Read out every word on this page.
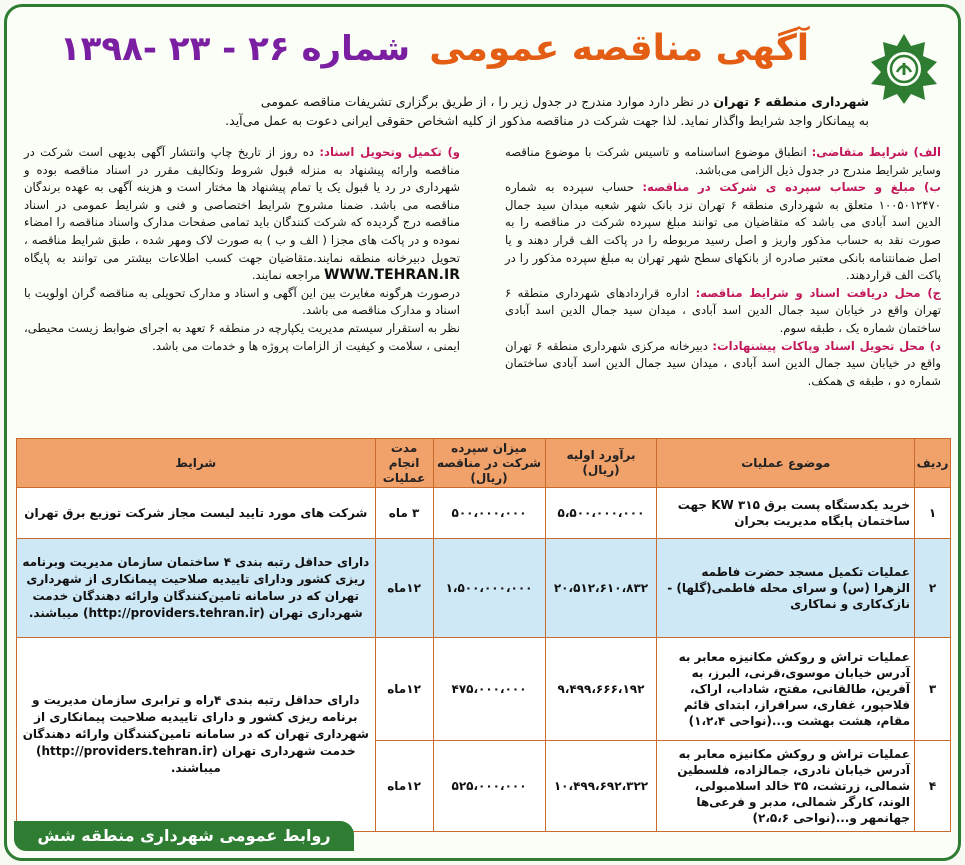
آگهی مناقصه عمومی شماره ۲۶ - ۲۳ -۱۳۹۸
شهرداری منطقه ۶ تهران در نظر دارد موارد مندرج در جدول زیر را ، از طریق برگزاری تشریفات مناقصه عمومی
به پیمانکار واجد شرایط واگذار نماید. لذا جهت شرکت در مناقصه مذکور از کلیه اشخاص حقوقی ایرانی دعوت به عمل می‌آید.
الف) شرایط متقاضی: انطباق موضوع اساسنامه و تاسیس شرکت با موضوع مناقصه وسایر شرایط مندرج در جدول ذیل الزامی می‌باشد.
ب) مبلغ و حساب سپرده ی شرکت در مناقصه: حساب سپرده به شماره ۱۰۰۵۰۱۲۴۷۰ متعلق به شهرداری منطقه ۶ تهران نزد بانک شهر شعبه میدان سید جمال الدین اسد آبادی می باشد که متقاضیان می توانند مبلغ سپرده شرکت در مناقصه را به صورت نقد به حساب مذکور واریز و اصل رسید مربوطه را در پاکت الف قرار دهند و یا اصل ضمانتنامه بانکی معتبر صادره از بانکهای سطح شهر تهران به مبلغ سپرده مذکور را در پاکت الف قراردهند.
ج) محل دریافت اسناد و شرایط مناقصه: اداره قراردادهای شهرداری منطقه ۶ تهران واقع در خیابان سید جمال الدین اسد آبادی ، میدان سید جمال الدین اسد آبادی ساختمان شماره یک ، طبقه سوم.
د) محل تحویل اسناد وپاکات پیشنهادات: دبیرخانه مرکزی شهرداری منطقه ۶ تهران واقع در خیابان سید جمال الدین اسد آبادی ، میدان سید جمال الدین اسد آبادی ساختمان شماره دو ، طبقه ی همکف.
و) تکمیل وتحویل اسناد: ده روز از تاریخ چاپ وانتشار آگهی بدیهی است شرکت در مناقصه وارائه پیشنهاد به منزله قبول شروط وتکالیف مقرر در اسناد مناقصه بوده و شهرداری در رد یا قبول یک یا تمام پیشنهاد ها مختار است و هزینه آگهی به عهده برندگان مناقصه می باشد. ضمنا مشروح شرایط اختصاصی و فنی و شرایط عمومی در اسناد مناقصه درج گردیده که شرکت کنندگان باید تمامی صفحات مدارک واسناد مناقصه را امضاء نموده و در پاکت های مجزا ( الف و ب ) به صورت لاک ومهر شده ، طبق شرایط مناقصه ، تحویل دبیرخانه منطقه نمایند.متقاضیان جهت کسب اطلاعات بیشتر می توانند به پایگاه WWW.TEHRAN.IR مراجعه نمایند.
درصورت هرگونه مغایرت بین این آگهی و اسناد و مدارک تحویلی به مناقصه گران اولویت با اسناد و مدارک مناقصه می باشد.
نظر به استقرار سیستم مدیریت یکپارچه در منطقه ۶ تعهد به اجرای ضوابط زیست محیطی، ایمنی ، سلامت و کیفیت از الزامات پروژه ها و خدمات می باشد.
ردیف	موضوع عملیات	برآورد اولیه (ریال)	میزان سپرده شرکت در مناقصه (ریال)	مدت انجام عملیات	شرایط
۱	خرید یکدستگاه پست برق ۳۱۵ KW جهت ساختمان پایگاه مدیریت بحران	۵،۵۰۰،۰۰۰،۰۰۰	۵۰۰،۰۰۰،۰۰۰	۳ ماه	شرکت های مورد تایید لیست مجاز شرکت توزیع برق تهران
۲	عملیات تکمیل مسجد حضرت فاطمه الزهرا (س) و سرای محله فاطمی(گلها) - نازک‌کاری و نماکاری	۲۰،۵۱۲،۶۱۰،۸۳۲	۱،۵۰۰،۰۰۰،۰۰۰	۱۲ماه	دارای حداقل رتبه بندی ۴ ساختمان سازمان مدیریت وبرنامه ریزی کشور ودارای تاییدیه صلاحیت پیمانکاری از شهرداری تهران که در سامانه تامین‌کنندگان وارائه دهندگان خدمت شهرداری تهران (http://providers.tehran.ir) میباشند.
۳	عملیات تراش و روکش مکانیزه معابر به آدرس خیابان موسوی،قرنی، البرز، به آفرین، طالقانی، مفتح، شاداب، اراک، فلاحپور، غفاری، سرافراز، ابتدای قائم مقام، هشت بهشت و...(نواحی ۱،۲،۴)	۹،۴۹۹،۶۶۶،۱۹۲	۴۷۵،۰۰۰،۰۰۰	۱۲ماه	دارای حداقل رتبه بندی ۴راه و ترابری سازمان مدیریت و برنامه ریزی کشور و دارای تاییدیه صلاحیت پیمانکاری از شهرداری تهران که در سامانه تامین‌کنندگان وارائه دهندگان خدمت شهرداری تهران (http://providers.tehran.ir) میباشند.
۴	عملیات تراش و روکش مکانیزه معابر به آدرس خیابان نادری، جمالزاده، فلسطین شمالی، زرتشت، ۳۵ خالد اسلامبولی، الوند، کارگر شمالی، مدبر و فرعی‌ها جهانمهر و...(نواحی ۲،۵،۶)	۱۰،۴۹۹،۶۹۲،۳۲۲	۵۲۵،۰۰۰،۰۰۰	۱۲ماه	
روابط عمومی شهرداری منطقه شش
